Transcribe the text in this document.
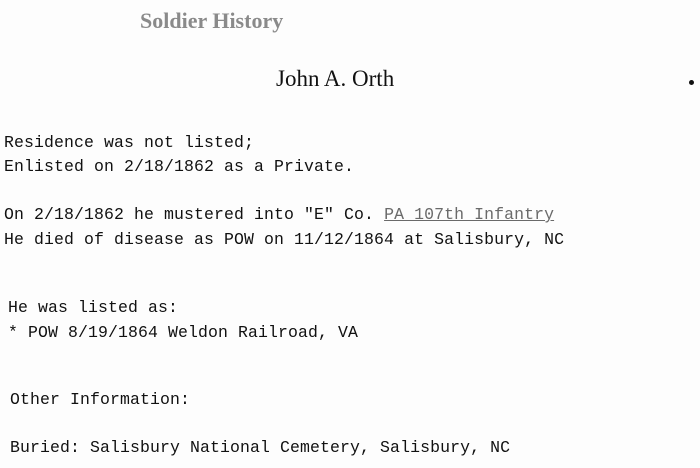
Soldier History
John A. Orth
Residence was not listed;
Enlisted on 2/18/1862 as a Private.
On 2/18/1862 he mustered into "E" Co. PA 107th Infantry
He died of disease as POW on 11/12/1864 at Salisbury, NC
He was listed as:
* POW 8/19/1864 Weldon Railroad, VA
Other Information:
Buried: Salisbury National Cemetery, Salisbury, NC
